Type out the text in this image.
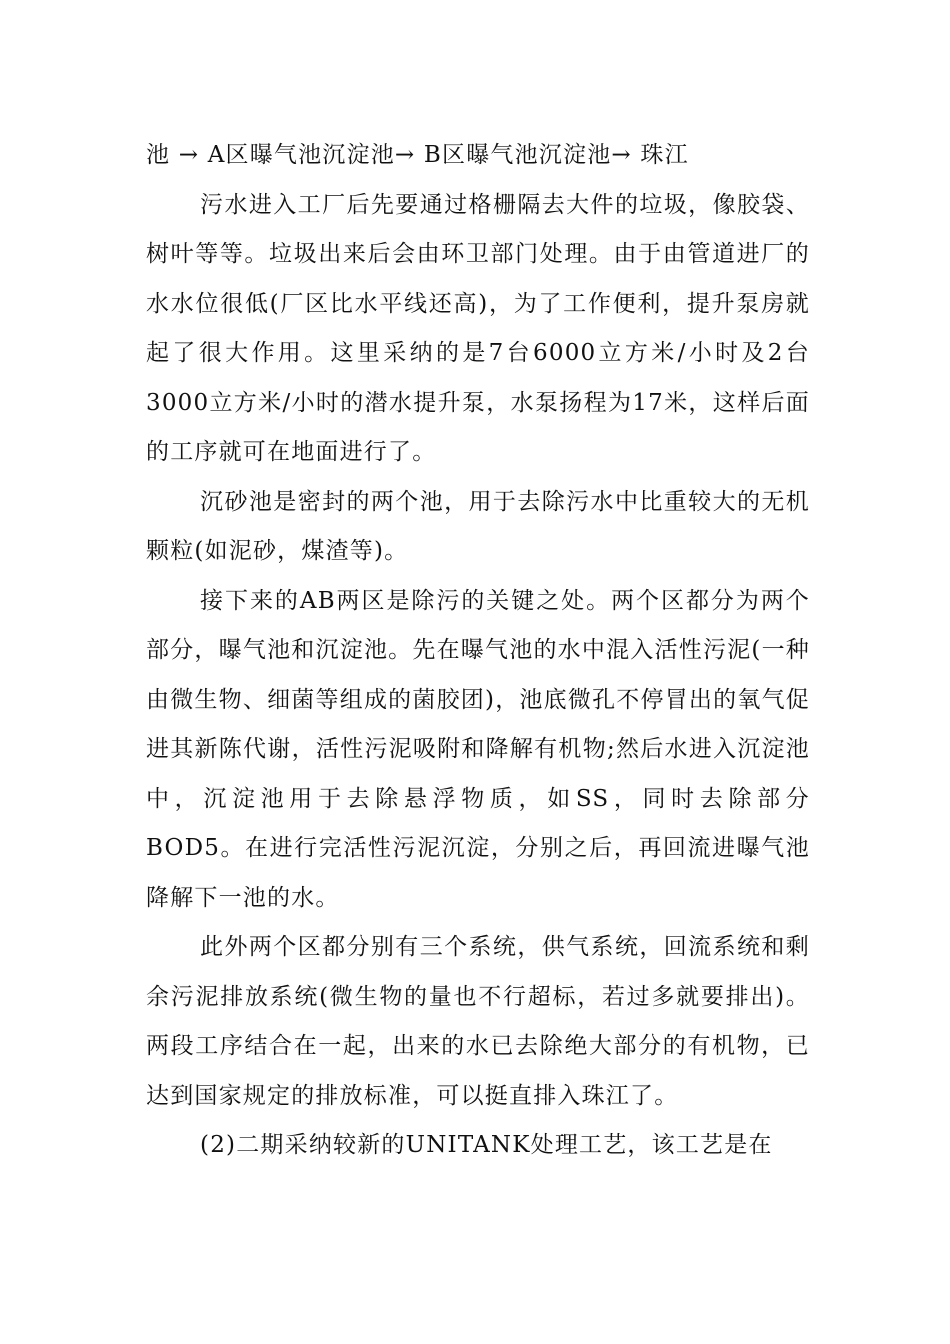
池 → A区曝气池沉淀池→ B区曝气池沉淀池→ 珠江

污水进入工厂后先要通过格栅隔去大件的垃圾，像胶袋、树叶等等。垃圾出来后会由环卫部门处理。由于由管道进厂的水水位很低(厂区比水平线还高)，为了工作便利，提升泵房就起了很大作用。这里采纳的是7台6000立方米/小时及2台3000立方米/小时的潜水提升泵，水泵扬程为17米，这样后面的工序就可在地面进行了。

沉砂池是密封的两个池，用于去除污水中比重较大的无机颗粒(如泥砂，煤渣等)。

接下来的AB两区是除污的关键之处。两个区都分为两个部分，曝气池和沉淀池。先在曝气池的水中混入活性污泥(一种由微生物、细菌等组成的菌胶团)，池底微孔不停冒出的氧气促进其新陈代谢，活性污泥吸附和降解有机物;然后水进入沉淀池中，沉淀池用于去除悬浮物质，如SS，同时去除部分BOD5。在进行完活性污泥沉淀，分别之后，再回流进曝气池降解下一池的水。

此外两个区都分别有三个系统，供气系统，回流系统和剩余污泥排放系统(微生物的量也不行超标，若过多就要排出)。两段工序结合在一起，出来的水已去除绝大部分的有机物，已达到国家规定的排放标准，可以挺直排入珠江了。

(2)二期采纳较新的UNITANK处理工艺，该工艺是在
